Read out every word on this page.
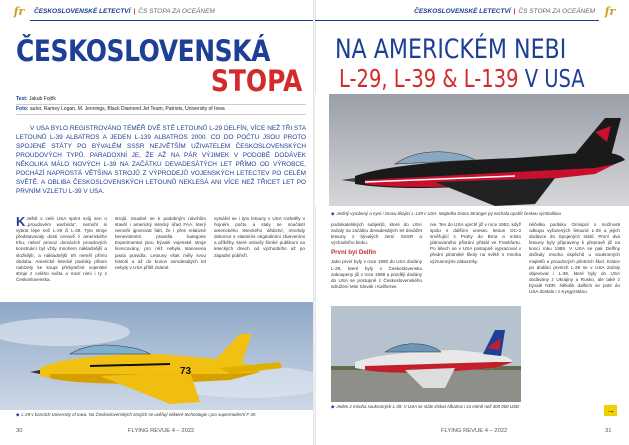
fr ČESKOSLOVENSKÉ LETECTVÍ | ČS STOPA ZA OCEÁNEM
ČESKOSLOVENSKÁ
STOPA
Text: Jakub Fojtík
Foto: autor, Ramey Logan, M. Jennings, Black Diamond Jet Team, Patriots, University of Iowa
V USA BYLO REGISTROVÁNO TÉMĚŘ DVĚ STĚ LETOUNŮ L-29 DELFÍN, VÍCE NEŽ TŘI STA LETOUNŮ L-39 ALBATROS A JEDEN L-139 ALBATROS 2000. CO DO POČTU JSOU PROTO SPOJENÉ STÁTY PO BÝVALÉM SSSR NEJVĚTŠÍM UŽIVATELEM ČESKOSLOVENSKÝCH PROUDOVÝCH TYPŮ. PARADOXNÍ JE, ŽE AŽ NA PÁR VÝJIMEK V PODOBĚ DODÁVEK NĚKOLIKA MÁLO NOVÝCH L-39 NA ZAČÁTKU DEVADESÁTÝCH LET PŘÍMO OD VÝROBCE, POCHÁZÍ NAPROSTÁ VĚTŠINA STROJŮ Z VÝPRODEJŮ VOJENSKÝCH LETECTEV PO CELÉM SVĚTĚ. A OBLIBA ČESKOSLOVENSKÝCH LETOUNŮ NEKLESÁ ANI VÍCE NEŽ TŘICET LET PO PRVNÍM VZLETU L-39 V USA.
K Ještě v celé USA sprint svůj sen o „proudovém warbirdu“, nemohl si vybrat lépe než L-29 či L-39. Tyto stroje představovaly dosti cenově z amerického trhu, neboť provoz domácích proudových konstrukcí byl vždy mnohem nákladnější a složitější, a nákladnější trh neměl přímo obdobu. Americké letecké podniky přitom nabízely ke koupi přebytečné vojenské stroje z celého světa a mezi nimi i ty z Československa.
strojů. Snadné se k podobným návrhům stavěl i americký letecký úřad FAA, který nemohl ignorovat fakt, že i přes relativně benevolentní pravidla kategorie Experimental jsou bývalé vojenské stroje licencovány, pro něž nebyla stanovena jasná pravidla. Letouny však měly svou historii a až do konce osmdesátých let nebyly v USA příliš známé.
vytvářel se i tyto letouny v USA rozletěly v hojném počtu a staly se součástí amerického leteckého dědictví, mnohdy dokonce s vlastními originálními zbarveními a příběhy, které oslovily široké publikum na leteckých dnech od východního až po západní pobřeží.
73
◆ L-29 v barvách University of Iowa. Na Československých strojích se uvěřují některé technologie i pro supermoderní F-35
30	FLYING REVUE 4 – 2022
ČESKOSLOVENSKÉ LETECTVÍ | ČS STOPA ZA OCEÁNEM fr
NA AMERICKÉM NEBI
L-29, L-39 & L-139 V USA
◆ Jediný vyrobený a nyní i znovu létající L-139 v USA. Majitelka Diana Stranger jej nechala opatřit českou symbolikou
podnikatelských subjektů, které do USA začaly na začátku devadesátých let dovážet letouny z bývalých zemí SSSR a východního bloku.
První byl Delfín
Jako první byly v roce 1990 do USA dodány L-29, které byly v Československu zakoupeny již v roce 1989 a později dodány do USA se postupně z Československého sdružení Mini Slovák i Kalifornie.
nie. Ten do USA uprchl již v roce 1953, když spolu s dalšími uneseL letoun DC-3 směřující z Prahy do Brna a místo plánovaného přistání přistál ve Frankfurtu. Po létech se v USA postupně vypracoval v přední pilotnské školy na světě s mnoha významnými zákazníky.
něčelka podniku Omnipol o možnosti odkupu vyřazených letounů L-29 a jejich dodávce do Spojených států. První dva letouny byly připraveny k přepravě již na konci roku 1989. V USA se pak Delfíny dočkaly mnoha úspěchů u soukromých majitelů a proudových pilotních škol. Krátce po dodání prvních L-29 se v USA začaly objevovat i L-39, které byly do USA dodávány z Ukrajiny a Rusko, ale také z bývalé NDR. Několik dalších se poté do USA dostalo i z Kyrgyzstánu.
◆ Jeden z mnoha soukromých L-39. V USA se stále získat Albatros i za méně než 300 000 USD
FLYING REVUE 4 – 2022	31
→
